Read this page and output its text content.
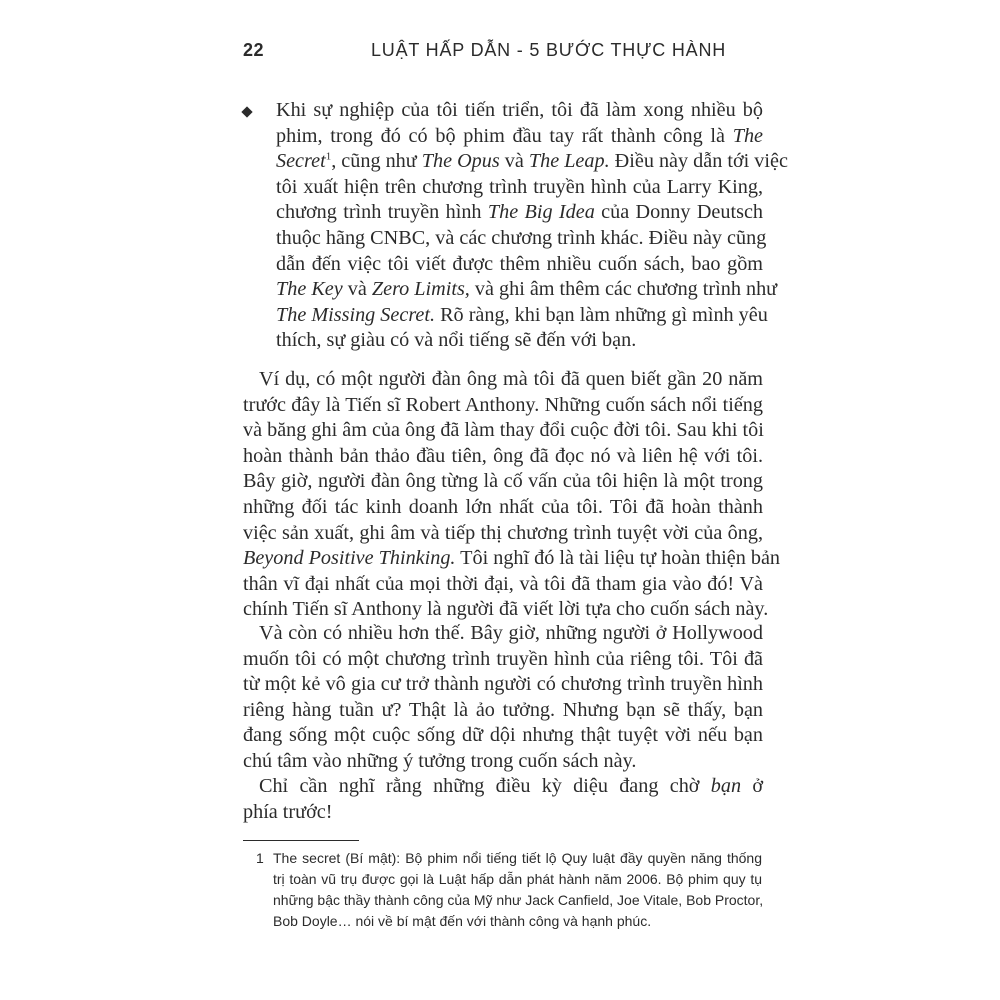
22	LUẬT HẤP DẪN - 5 BƯỚC THỰC HÀNH
Khi sự nghiệp của tôi tiến triển, tôi đã làm xong nhiều bộ
phim, trong đó có bộ phim đầu tay rất thành công là The
Secret$^1$, cũng như The Opus và The Leap. Điều này dẫn tới việc
tôi xuất hiện trên chương trình truyền hình của Larry King,
chương trình truyền hình The Big Idea của Donny Deutsch
thuộc hãng CNBC, và các chương trình khác. Điều này cũng
dẫn đến việc tôi viết được thêm nhiều cuốn sách, bao gồm
The Key và Zero Limits, và ghi âm thêm các chương trình như
The Missing Secret. Rõ ràng, khi bạn làm những gì mình yêu
thích, sự giàu có và nổi tiếng sẽ đến với bạn.
Ví dụ, có một người đàn ông mà tôi đã quen biết gần 20 năm
trước đây là Tiến sĩ Robert Anthony. Những cuốn sách nổi tiếng
và băng ghi âm của ông đã làm thay đổi cuộc đời tôi. Sau khi tôi
hoàn thành bản thảo đầu tiên, ông đã đọc nó và liên hệ với tôi.
Bây giờ, người đàn ông từng là cố vấn của tôi hiện là một trong
những đối tác kinh doanh lớn nhất của tôi. Tôi đã hoàn thành
việc sản xuất, ghi âm và tiếp thị chương trình tuyệt vời của ông,
Beyond Positive Thinking. Tôi nghĩ đó là tài liệu tự hoàn thiện bản
thân vĩ đại nhất của mọi thời đại, và tôi đã tham gia vào đó! Và
chính Tiến sĩ Anthony là người đã viết lời tựa cho cuốn sách này.
Và còn có nhiều hơn thế. Bây giờ, những người ở Hollywood
muốn tôi có một chương trình truyền hình của riêng tôi. Tôi đã
từ một kẻ vô gia cư trở thành người có chương trình truyền hình
riêng hàng tuần ư? Thật là ảo tưởng. Nhưng bạn sẽ thấy, bạn
đang sống một cuộc sống dữ dội nhưng thật tuyệt vời nếu bạn
chú tâm vào những ý tưởng trong cuốn sách này.
Chỉ cần nghĩ rằng những điều kỳ diệu đang chờ bạn ở
phía trước!
1 The secret (Bí mật): Bộ phim nổi tiếng tiết lộ Quy luật đầy quyền năng thống
trị toàn vũ trụ được gọi là Luật hấp dẫn phát hành năm 2006. Bộ phim quy tụ
những bậc thầy thành công của Mỹ như Jack Canfield, Joe Vitale, Bob Proctor,
Bob Doyle… nói về bí mật đến với thành công và hạnh phúc.
